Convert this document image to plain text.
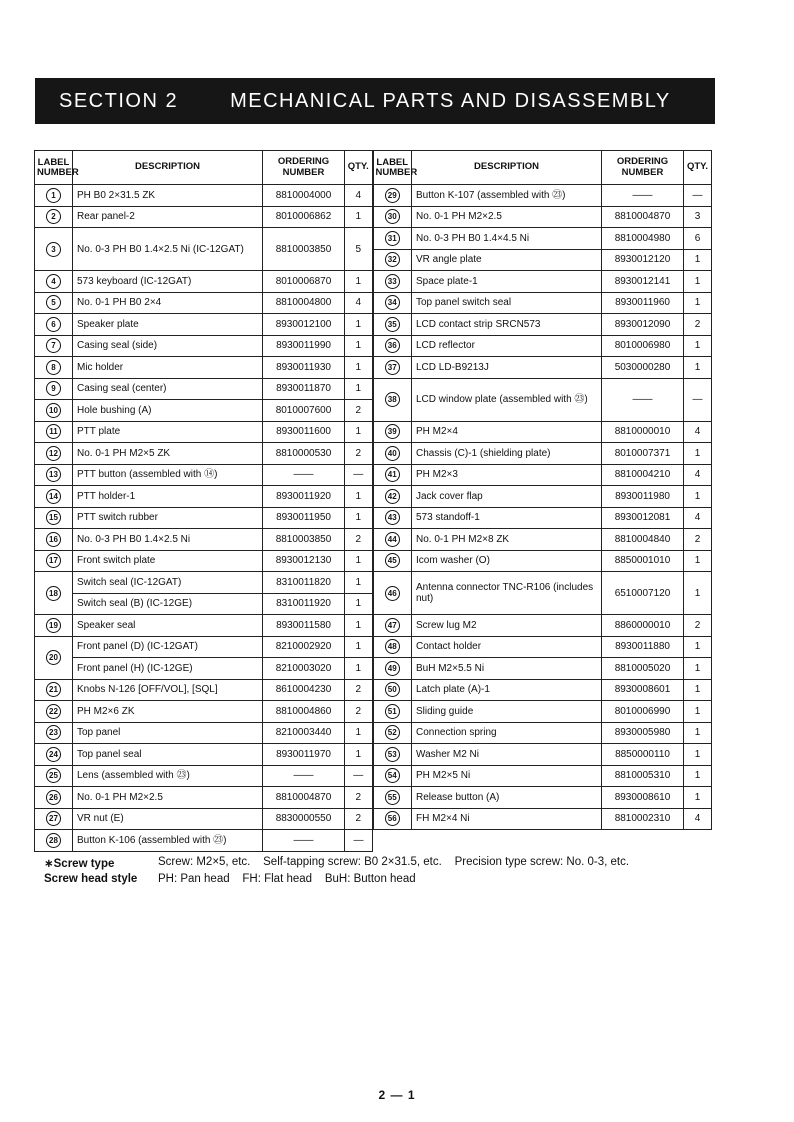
SECTION 2	MECHANICAL PARTS AND DISASSEMBLY
LABEL NUMBER	DESCRIPTION	ORDERING NUMBER	QTY.	LABEL NUMBER	DESCRIPTION	ORDERING NUMBER	QTY.
1	PH B0 2×31.5 ZK	8810004000	4	29	Button K-107 (assembled with ㉓)	——	—
2	Rear panel-2	8010006862	1	30	No. 0-1 PH M2×2.5	8810004870	3
3	No. 0-3 PH B0 1.4×2.5 Ni (IC-12GAT)	8810003850	5	31	No. 0-3 PH B0 1.4×4.5 Ni	8810004980	6
				32	VR angle plate	8930012120	1
4	573 keyboard (IC-12GAT)	8010006870	1	33	Space plate-1	8930012141	1
5	No. 0-1 PH B0 2×4	8810004800	4	34	Top panel switch seal	8930011960	1
6	Speaker plate	8930012100	1	35	LCD contact strip SRCN573	8930012090	2
7	Casing seal (side)	8930011990	1	36	LCD reflector	8010006980	1
8	Mic holder	8930011930	1	37	LCD LD-B9213J	5030000280	1
9	Casing seal (center)	8930011870	1	38	LCD window plate (assembled with ㉓)	——	—
10	Hole bushing (A)	8010007600	2				
11	PTT plate	8930011600	1	39	PH M2×4	8810000010	4
12	No. 0-1 PH M2×5 ZK	8810000530	2	40	Chassis (C)-1 (shielding plate)	8010007371	1
13	PTT button (assembled with ⑭)	——	—	41	PH M2×3	8810004210	4
14	PTT holder-1	8930011920	1	42	Jack cover flap	8930011980	1
15	PTT switch rubber	8930011950	1	43	573 standoff-1	8930012081	4
16	No. 0-3 PH B0 1.4×2.5 Ni	8810003850	2	44	No. 0-1 PH M2×8 ZK	8810004840	2
17	Front switch plate	8930012130	1	45	Icom washer (O)	8850001010	1
18	Switch seal (IC-12GAT)	8310011820	1	46	Antenna connector TNC-R106 (includes nut)	6510007120	1
	Switch seal (B) (IC-12GE)	8310011920	1				
19	Speaker seal	8930011580	1	47	Screw lug M2	8860000010	2
20	Front panel (D) (IC-12GAT)	8210002920	1	48	Contact holder	8930011880	1
	Front panel (H) (IC-12GE)	8210003020	1	49	BuH M2×5.5 Ni	8810005020	1
21	Knobs N-126 [OFF/VOL], [SQL]	8610004230	2	50	Latch plate (A)-1	8930008601	1
22	PH M2×6 ZK	8810004860	2	51	Sliding guide	8010006990	1
23	Top panel	8210003440	1	52	Connection spring	8930005980	1
24	Top panel seal	8930011970	1	53	Washer M2 Ni	8850000110	1
25	Lens (assembled with ㉓)	——	—	54	PH M2×5 Ni	8810005310	1
26	No. 0-1 PH M2×2.5	8810004870	2	55	Release button (A)	8930008610	1
27	VR nut (E)	8830000550	2	56	FH M2×4 Ni	8810002310	4
28	Button K-106 (assembled with ㉓)	——	—				
∗Screw type	Screw: M2×5, etc.    Self-tapping screw: B0 2×31.5, etc.    Precision type screw: No. 0-3, etc.
Screw head style	PH: Pan head    FH: Flat head    BuH: Button head
2 — 1
